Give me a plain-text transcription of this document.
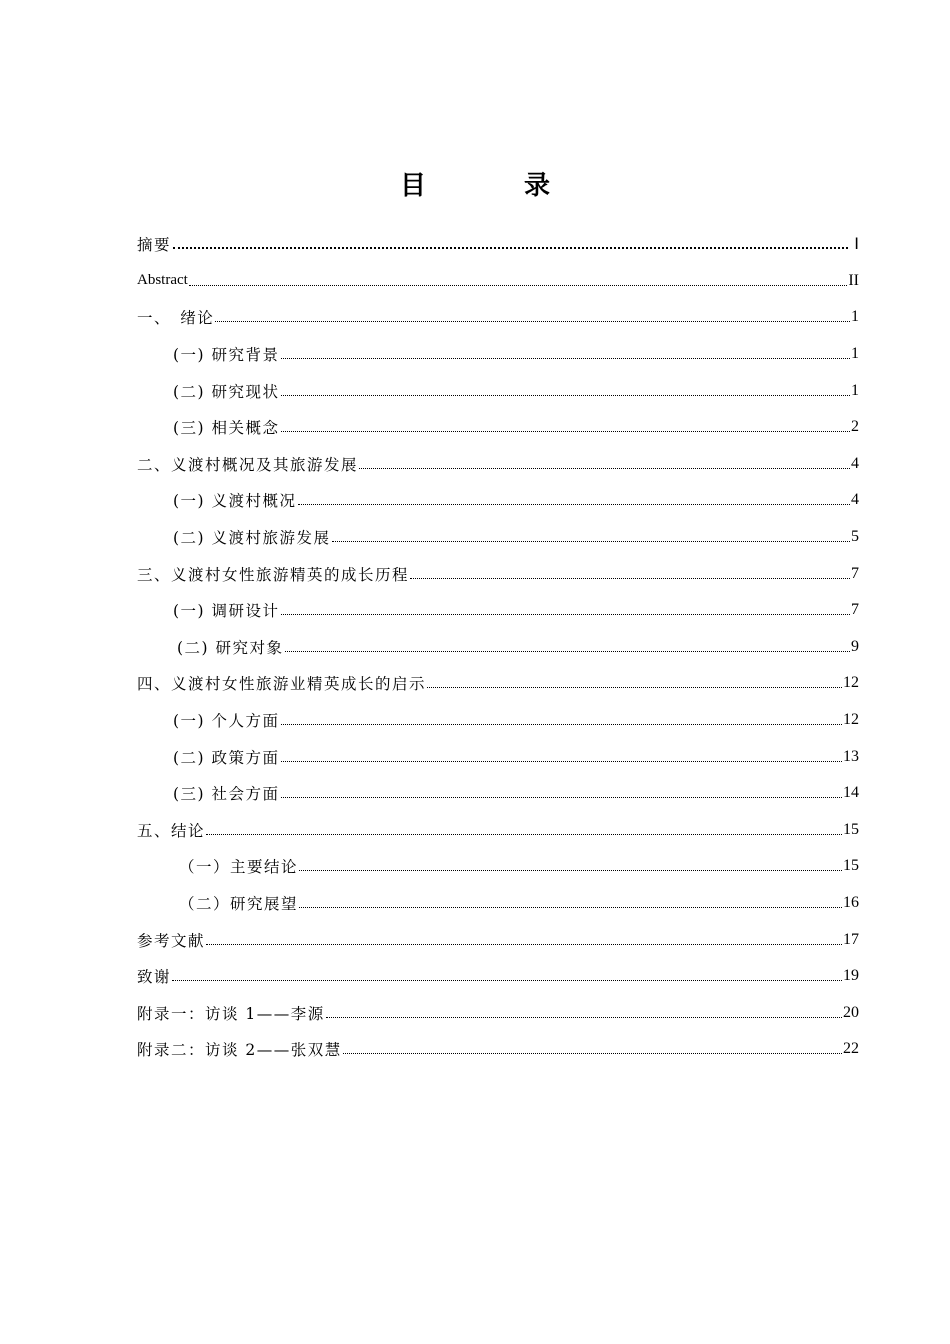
目　录
摘要	Ⅰ
Abstract	II
一、　绪论	1
(一) 研究背景	1
(二) 研究现状	1
(三) 相关概念	2
二、义渡村概况及其旅游发展	4
(一) 义渡村概况	4
(二) 义渡村旅游发展	5
三、义渡村女性旅游精英的成长历程	7
(一) 调研设计	7
(二) 研究对象	9
四、义渡村女性旅游业精英成长的启示	12
(一) 个人方面	12
(二) 政策方面	13
(三) 社会方面	14
五、结论	15
（一）主要结论	15
（二）研究展望	16
参考文献	17
致谢	19
附录一：访谈 1——李源	20
附录二：访谈 2——张双慧	22
